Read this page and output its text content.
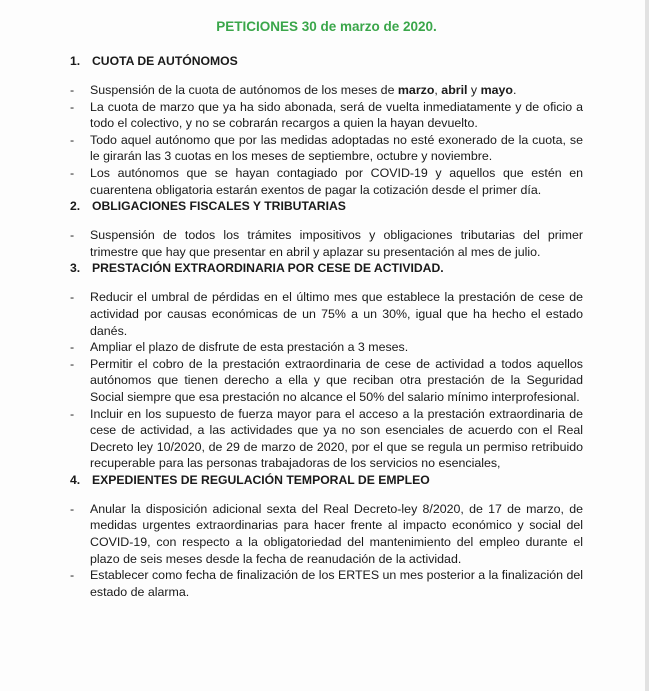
PETICIONES 30 de marzo de 2020.
1. CUOTA DE AUTÓNOMOS
-	Suspensión de la cuota de autónomos de los meses de marzo, abril y mayo.
-	La cuota de marzo que ya ha sido abonada, será de vuelta inmediatamente y de oficio a todo el colectivo, y no se cobrarán recargos a quien la hayan devuelto.
-	Todo aquel autónomo que por las medidas adoptadas no esté exonerado de la cuota, se le girarán las 3 cuotas en los meses de septiembre, octubre y noviembre.
-	Los autónomos que se hayan contagiado por COVID-19 y aquellos que estén en cuarentena obligatoria estarán exentos de pagar la cotización desde el primer día.
2. OBLIGACIONES FISCALES Y TRIBUTARIAS
-	Suspensión de todos los trámites impositivos y obligaciones tributarias del primer trimestre que hay que presentar en abril y aplazar su presentación al mes de julio.
3. PRESTACIÓN EXTRAORDINARIA POR CESE DE ACTIVIDAD.
-	Reducir el umbral de pérdidas en el último mes que establece la prestación de cese de actividad por causas económicas de un 75% a un 30%, igual que ha hecho el estado danés.
-	Ampliar el plazo de disfrute de esta prestación a 3 meses.
-	Permitir el cobro de la prestación extraordinaria de cese de actividad a todos aquellos autónomos que tienen derecho a ella y que reciban otra prestación de la Seguridad Social siempre que esa prestación no alcance el 50% del salario mínimo interprofesional.
-	Incluir en los supuesto de fuerza mayor para el acceso a la prestación extraordinaria de cese de actividad, a las actividades que ya no son esenciales de acuerdo con el Real Decreto ley 10/2020, de 29 de marzo de 2020, por el que se regula un permiso retribuido recuperable para las personas trabajadoras de los servicios no esenciales,
4. EXPEDIENTES DE REGULACIÓN TEMPORAL DE EMPLEO
-	Anular la disposición adicional sexta del Real Decreto-ley 8/2020, de 17 de marzo, de medidas urgentes extraordinarias para hacer frente al impacto económico y social del COVID-19, con respecto a la obligatoriedad del mantenimiento del empleo durante el plazo de seis meses desde la fecha de reanudación de la actividad.
-	Establecer como fecha de finalización de los ERTES un mes posterior a la finalización del estado de alarma.
